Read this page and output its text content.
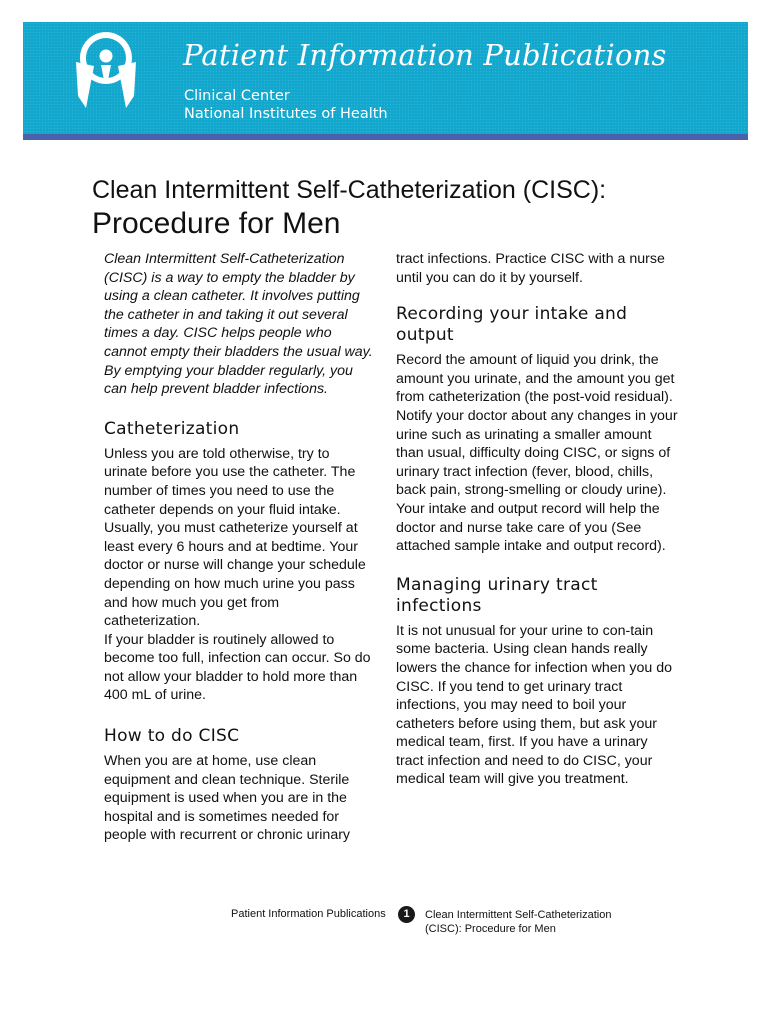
Patient Information Publications
Clinical Center
National Institutes of Health
Clean Intermittent Self-Catheterization (CISC):
Procedure for Men

Clean Intermittent Self-Catheterization (CISC) is a way to empty the bladder by using a clean catheter. It involves putting the catheter in and taking it out several times a day. CISC helps people who cannot empty their bladders the usual way. By emptying your bladder regularly, you can help prevent bladder infections.

Catheterization

Unless you are told otherwise, try to urinate before you use the catheter. The number of times you need to use the catheter depends on your fluid intake. Usually, you must catheterize yourself at least every 6 hours and at bedtime. Your doctor or nurse will change your schedule depending on how much urine you pass and how much you get from catheterization.

If your bladder is routinely allowed to become too full, infection can occur. So do not allow your bladder to hold more than 400 mL of urine.

How to do CISC

When you are at home, use clean equipment and clean technique. Sterile equipment is used when you are in the hospital and is sometimes needed for people with recurrent or chronic urinary

tract infections. Practice CISC with a nurse until you can do it by yourself.

Recording your intake and output

Record the amount of liquid you drink, the amount you urinate, and the amount you get from catheterization (the post-void residual). Notify your doctor about any changes in your urine such as urinating a smaller amount than usual, difficulty doing CISC, or signs of urinary tract infection (fever, blood, chills, back pain, strong-smelling or cloudy urine). Your intake and output record will help the doctor and nurse take care of you (See attached sample intake and output record).

Managing urinary tract infections

It is not unusual for your urine to con-tain some bacteria. Using clean hands really lowers the chance for infection when you do CISC. If you tend to get urinary tract infections, you may need to boil your catheters before using them, but ask your medical team, first. If you have a urinary tract infection and need to do CISC, your medical team will give you treatment.

Patient Information Publications	1	Clean Intermittent Self-Catheterization
(CISC): Procedure for Men
